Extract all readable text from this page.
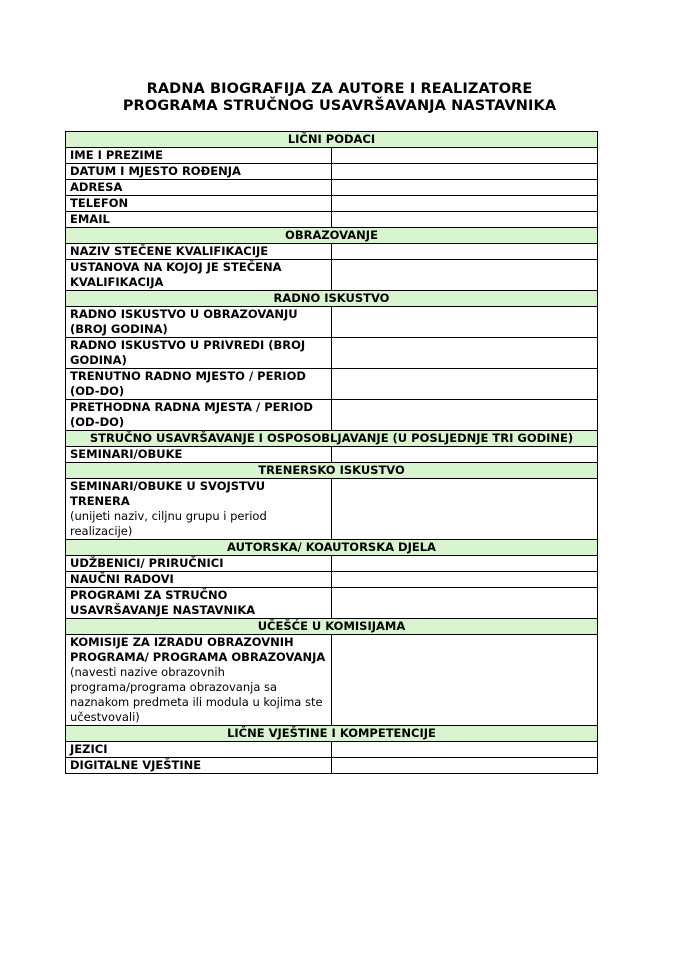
RADNA BIOGRAFIJA ZA AUTORE I REALIZATORE
PROGRAMA STRUČNOG USAVRŠAVANJA NASTAVNIKA
LIČNI PODACI	
IME I PREZIME	
DATUM I MJESTO ROĐENJA	
ADRESA	
TELEFON	
EMAIL	
OBRAZOVANJE	
NAZIV STEČENE KVALIFIKACIJE	
USTANOVA NA KOJOJ JE STEČENA KVALIFIKACIJA	
RADNO ISKUSTVO	
RADNO ISKUSTVO U OBRAZOVANJU (BROJ GODINA)	
RADNO ISKUSTVO U PRIVREDI (BROJ GODINA)	
TRENUTNO RADNO MJESTO / PERIOD (OD-DO)	
PRETHODNA RADNA MJESTA / PERIOD (OD-DO)	
STRUČNO USAVRŠAVANJE I OSPOSOBLJAVANJE (U POSLJEDNJE TRI GODINE)	
SEMINARI/OBUKE	
TRENERSKO ISKUSTVO	
SEMINARI/OBUKE U SVOJSTVU TRENERA
(unijeti naziv, ciljnu grupu i period realizacije)	

AUTORSKA/ KOAUTORSKA DJELA	
UDŽBENICI/ PRIRUČNICI	
NAUČNI RADOVI	
PROGRAMI ZA STRUČNO USAVRŠAVANJE NASTAVNIKA	
UČEŠĆE U KOMISIJAMA	
KOMISIJE ZA IZRADU OBRAZOVNIH PROGRAMA/ PROGRAMA OBRAZOVANJA
(navesti nazive obrazovnih programa/programa obrazovanja sa naznakom predmeta ili modula u kojima ste učestvovali)	

LIČNE VJEŠTINE I KOMPETENCIJE	
JEZICI	
DIGITALNE VJEŠTINE	
